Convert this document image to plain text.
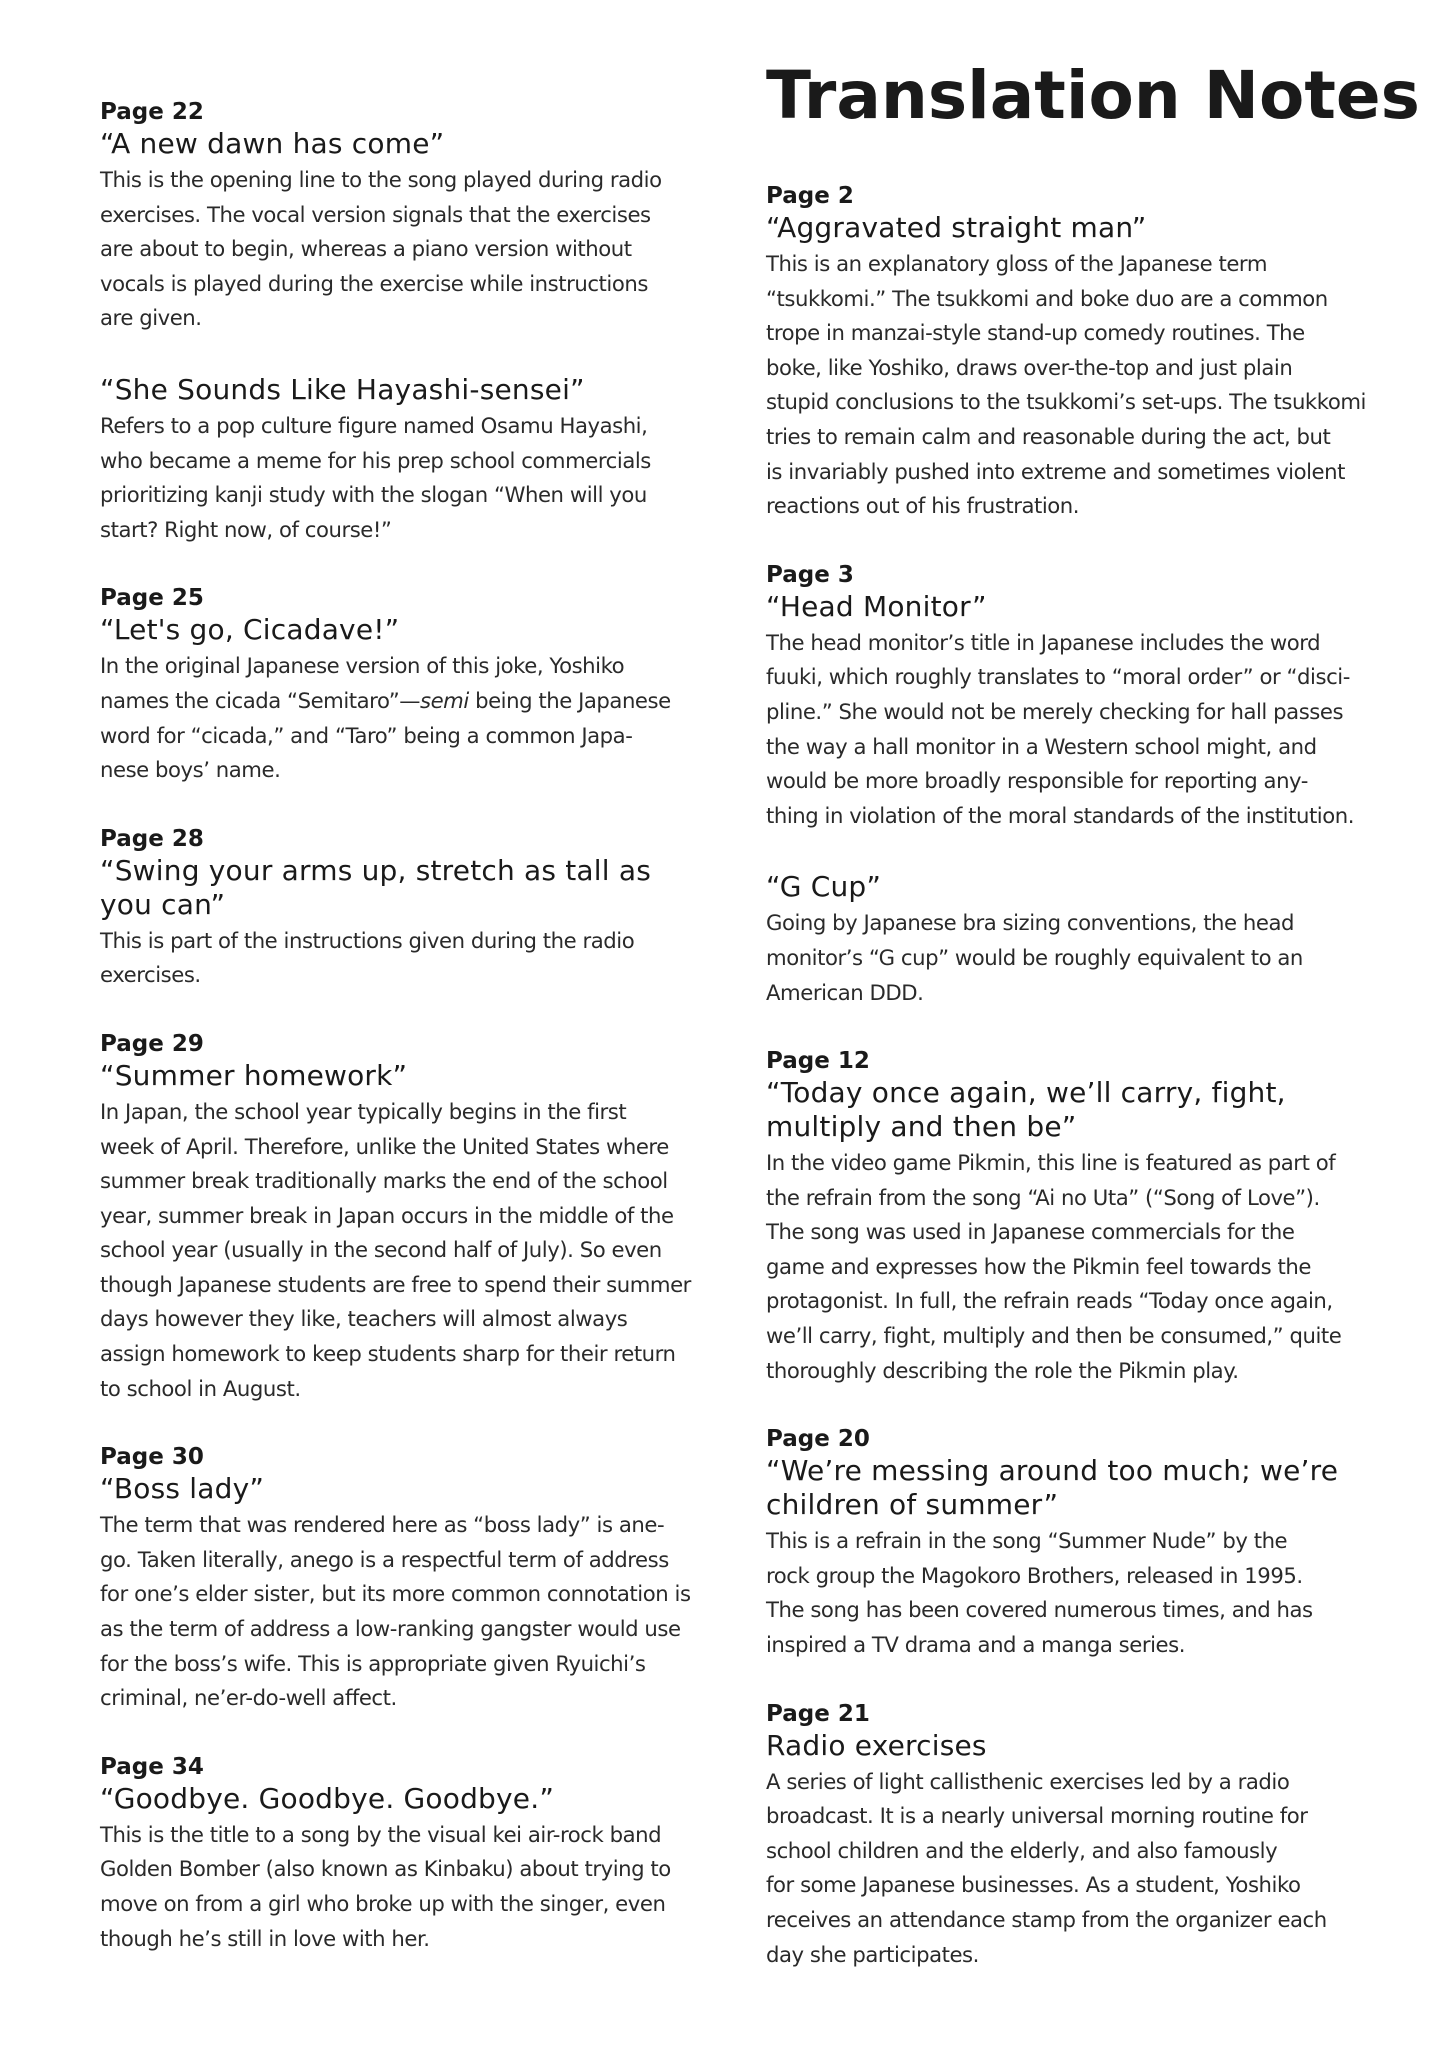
Page 22
“A new dawn has come”
This is the opening line to the song played during radio
exercises. The vocal version signals that the exercises
are about to begin, whereas a piano version without
vocals is played during the exercise while instructions
are given.
“She Sounds Like Hayashi-sensei”
Refers to a pop culture figure named Osamu Hayashi,
who became a meme for his prep school commercials
prioritizing kanji study with the slogan “When will you
start? Right now, of course!”
Page 25
“Let's go, Cicadave!”
In the original Japanese version of this joke, Yoshiko
names the cicada “Semitaro”—semi being the Japanese
word for “cicada,” and “Taro” being a common Japa-
nese boys’ name.
Page 28
“Swing your arms up, stretch as tall as
you can”
This is part of the instructions given during the radio
exercises.
Page 29
“Summer homework”
In Japan, the school year typically begins in the first
week of April. Therefore, unlike the United States where
summer break traditionally marks the end of the school
year, summer break in Japan occurs in the middle of the
school year (usually in the second half of July). So even
though Japanese students are free to spend their summer
days however they like, teachers will almost always
assign homework to keep students sharp for their return
to school in August.
Page 30
“Boss lady”
The term that was rendered here as “boss lady” is ane-
go. Taken literally, anego is a respectful term of address
for one’s elder sister, but its more common connotation is
as the term of address a low-ranking gangster would use
for the boss’s wife. This is appropriate given Ryuichi’s
criminal, ne’er-do-well affect.
Page 34
“Goodbye. Goodbye. Goodbye.”
This is the title to a song by the visual kei air-rock band
Golden Bomber (also known as Kinbaku) about trying to
move on from a girl who broke up with the singer, even
though he’s still in love with her.
Translation Notes
Page 2
“Aggravated straight man”
This is an explanatory gloss of the Japanese term
“tsukkomi.” The tsukkomi and boke duo are a common
trope in manzai-style stand-up comedy routines. The
boke, like Yoshiko, draws over-the-top and just plain
stupid conclusions to the tsukkomi’s set-ups. The tsukkomi
tries to remain calm and reasonable during the act, but
is invariably pushed into extreme and sometimes violent
reactions out of his frustration.
Page 3
“Head Monitor”
The head monitor’s title in Japanese includes the word
fuuki, which roughly translates to “moral order” or “disci-
pline.” She would not be merely checking for hall passes
the way a hall monitor in a Western school might, and
would be more broadly responsible for reporting any-
thing in violation of the moral standards of the institution.
“G Cup”
Going by Japanese bra sizing conventions, the head
monitor’s “G cup” would be roughly equivalent to an
American DDD.
Page 12
“Today once again, we’ll carry, fight,
multiply and then be”
In the video game Pikmin, this line is featured as part of
the refrain from the song “Ai no Uta” (“Song of Love”).
The song was used in Japanese commercials for the
game and expresses how the Pikmin feel towards the
protagonist. In full, the refrain reads “Today once again,
we’ll carry, fight, multiply and then be consumed,” quite
thoroughly describing the role the Pikmin play.
Page 20
“We’re messing around too much; we’re
children of summer”
This is a refrain in the song “Summer Nude” by the
rock group the Magokoro Brothers, released in 1995.
The song has been covered numerous times, and has
inspired a TV drama and a manga series.
Page 21
Radio exercises
A series of light callisthenic exercises led by a radio
broadcast. It is a nearly universal morning routine for
school children and the elderly, and also famously
for some Japanese businesses. As a student, Yoshiko
receives an attendance stamp from the organizer each
day she participates.
